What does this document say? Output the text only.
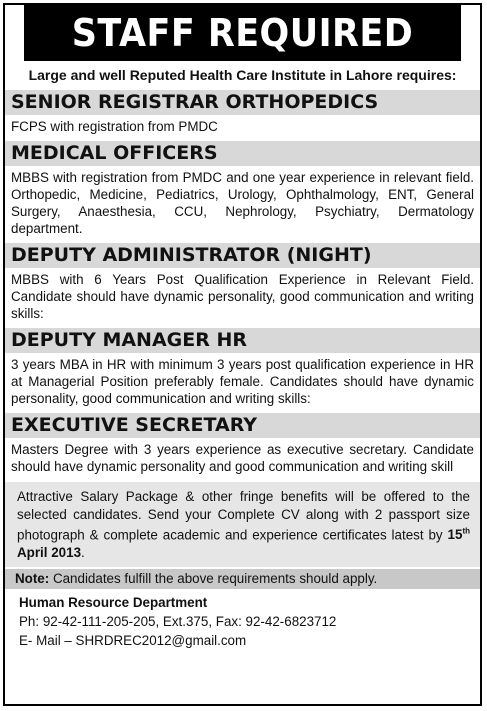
STAFF REQUIRED
Large and well Reputed Health Care Institute in Lahore requires:
SENIOR REGISTRAR ORTHOPEDICS
FCPS with registration from PMDC
MEDICAL OFFICERS
MBBS with registration from PMDC and one year experience in relevant field. Orthopedic, Medicine, Pediatrics, Urology, Ophthalmology, ENT, General Surgery, Anaesthesia, CCU, Nephrology, Psychiatry, Dermatology department.
DEPUTY ADMINISTRATOR (NIGHT)
MBBS with 6 Years Post Qualification Experience in Relevant Field. Candidate should have dynamic personality, good communication and writing skills:
DEPUTY MANAGER HR
3 years MBA in HR with minimum 3 years post qualification experience in HR at Managerial Position preferably female. Candidates should have dynamic personality, good communication and writing skills:
EXECUTIVE SECRETARY
Masters Degree with 3 years experience as executive secretary. Candidate should have dynamic personality and good communication and writing skill
Attractive Salary Package & other fringe benefits will be offered to the selected candidates. Send your Complete CV along with 2 passport size photograph & complete academic and experience certificates latest by 15th April 2013.
Note: Candidates fulfill the above requirements should apply.
Human Resource Department
Ph: 92-42-111-205-205, Ext.375, Fax: 92-42-6823712
E- Mail – SHRDREC2012@gmail.com
